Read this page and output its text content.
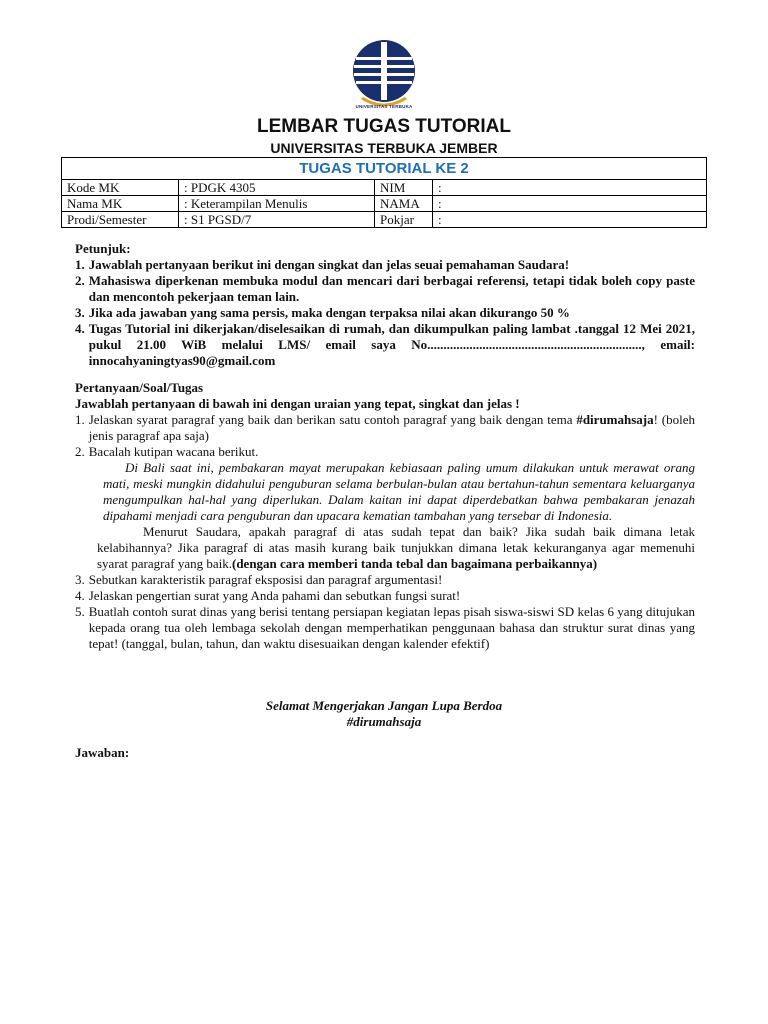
UNIVERSITAS TERBUKA
LEMBAR TUGAS TUTORIAL
UNIVERSITAS TERBUKA JEMBER
TUGAS TUTORIAL KE 2			
Kode MK	: PDGK 4305	NIM	:
Nama MK	: Keterampilan Menulis	NAMA	:
Prodi/Semester	: S1 PGSD/7	Pokjar	:
Petunjuk:
1. Jawablah pertanyaan berikut ini dengan singkat dan jelas seuai pemahaman Saudara!
2. Mahasiswa diperkenan membuka modul dan mencari dari berbagai referensi, tetapi tidak boleh copy paste dan mencontoh pekerjaan teman lain.
3. Jika ada jawaban yang sama persis, maka dengan terpaksa nilai akan dikurango 50 %
4. Tugas Tutorial ini dikerjakan/diselesaikan di rumah, dan dikumpulkan paling lambat .tanggal 12 Mei 2021, pukul 21.00 WiB melalui LMS/ email saya No.................................................................., email: innocahyaningtyas90@gmail.com
Pertanyaan/Soal/Tugas
Jawablah pertanyaan di bawah ini dengan uraian yang tepat, singkat dan jelas !
1. Jelaskan syarat paragraf yang baik dan berikan satu contoh paragraf yang baik dengan tema #dirumahsaja! (boleh jenis paragraf apa saja)
2. Bacalah kutipan wacana berikut.
Di Bali saat ini, pembakaran mayat merupakan kebiasaan paling umum dilakukan untuk merawat orang mati, meski mungkin didahului penguburan selama berbulan-bulan atau bertahun-tahun sementara keluarganya mengumpulkan hal-hal yang diperlukan. Dalam kaitan ini dapat diperdebatkan bahwa pembakaran jenazah dipahami menjadi cara penguburan dan upacara kematian tambahan yang tersebar di Indonesia.
Menurut Saudara, apakah paragraf di atas sudah tepat dan baik? Jika sudah baik dimana letak kelabihannya? Jika paragraf di atas masih kurang baik tunjukkan dimana letak kekuranganya agar memenuhi syarat paragraf yang baik.(dengan cara memberi tanda tebal dan bagaimana perbaikannya)
3. Sebutkan karakteristik paragraf eksposisi dan paragraf argumentasi!
4. Jelaskan pengertian surat yang Anda pahami dan sebutkan fungsi surat!
5. Buatlah contoh surat dinas yang berisi tentang persiapan kegiatan lepas pisah siswa-siswi SD kelas 6 yang ditujukan kepada orang tua oleh lembaga sekolah dengan memperhatikan penggunaan bahasa dan struktur surat dinas yang tepat! (tanggal, bulan, tahun, dan waktu disesuaikan dengan kalender efektif)
Selamat Mengerjakan Jangan Lupa Berdoa
#dirumahsaja
Jawaban:
